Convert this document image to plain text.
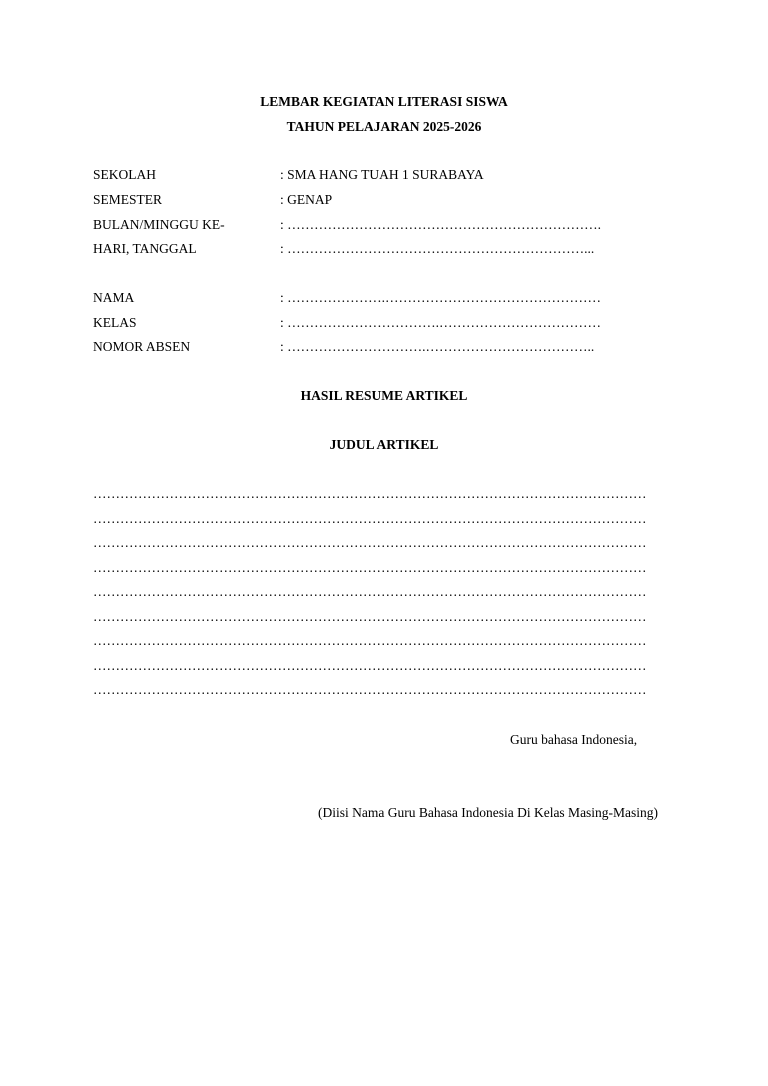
LEMBAR KEGIATAN LITERASI SISWA
TAHUN PELAJARAN 2025-2026
SEKOLAH	: SMA HANG TUAH 1 SURABAYA
SEMESTER	: GENAP
BULAN/MINGGU KE-	: …………………………………………………………….
HARI, TANGGAL	: …………………………………………………………...
NAMA	: ………………….…………………………………………
KELAS	: …………………………….………………………………
NOMOR ABSEN	: ………………………….………………………………..
HASIL RESUME ARTIKEL
JUDUL ARTIKEL
……………………………………………………………………………………………………………
……………………………………………………………………………………………………………
……………………………………………………………………………………………………………
……………………………………………………………………………………………………………
……………………………………………………………………………………………………………
……………………………………………………………………………………………………………
……………………………………………………………………………………………………………
……………………………………………………………………………………………………………
……………………………………………………………………………………………………………
Guru bahasa Indonesia,
(Diisi Nama Guru Bahasa Indonesia Di Kelas Masing-Masing)
